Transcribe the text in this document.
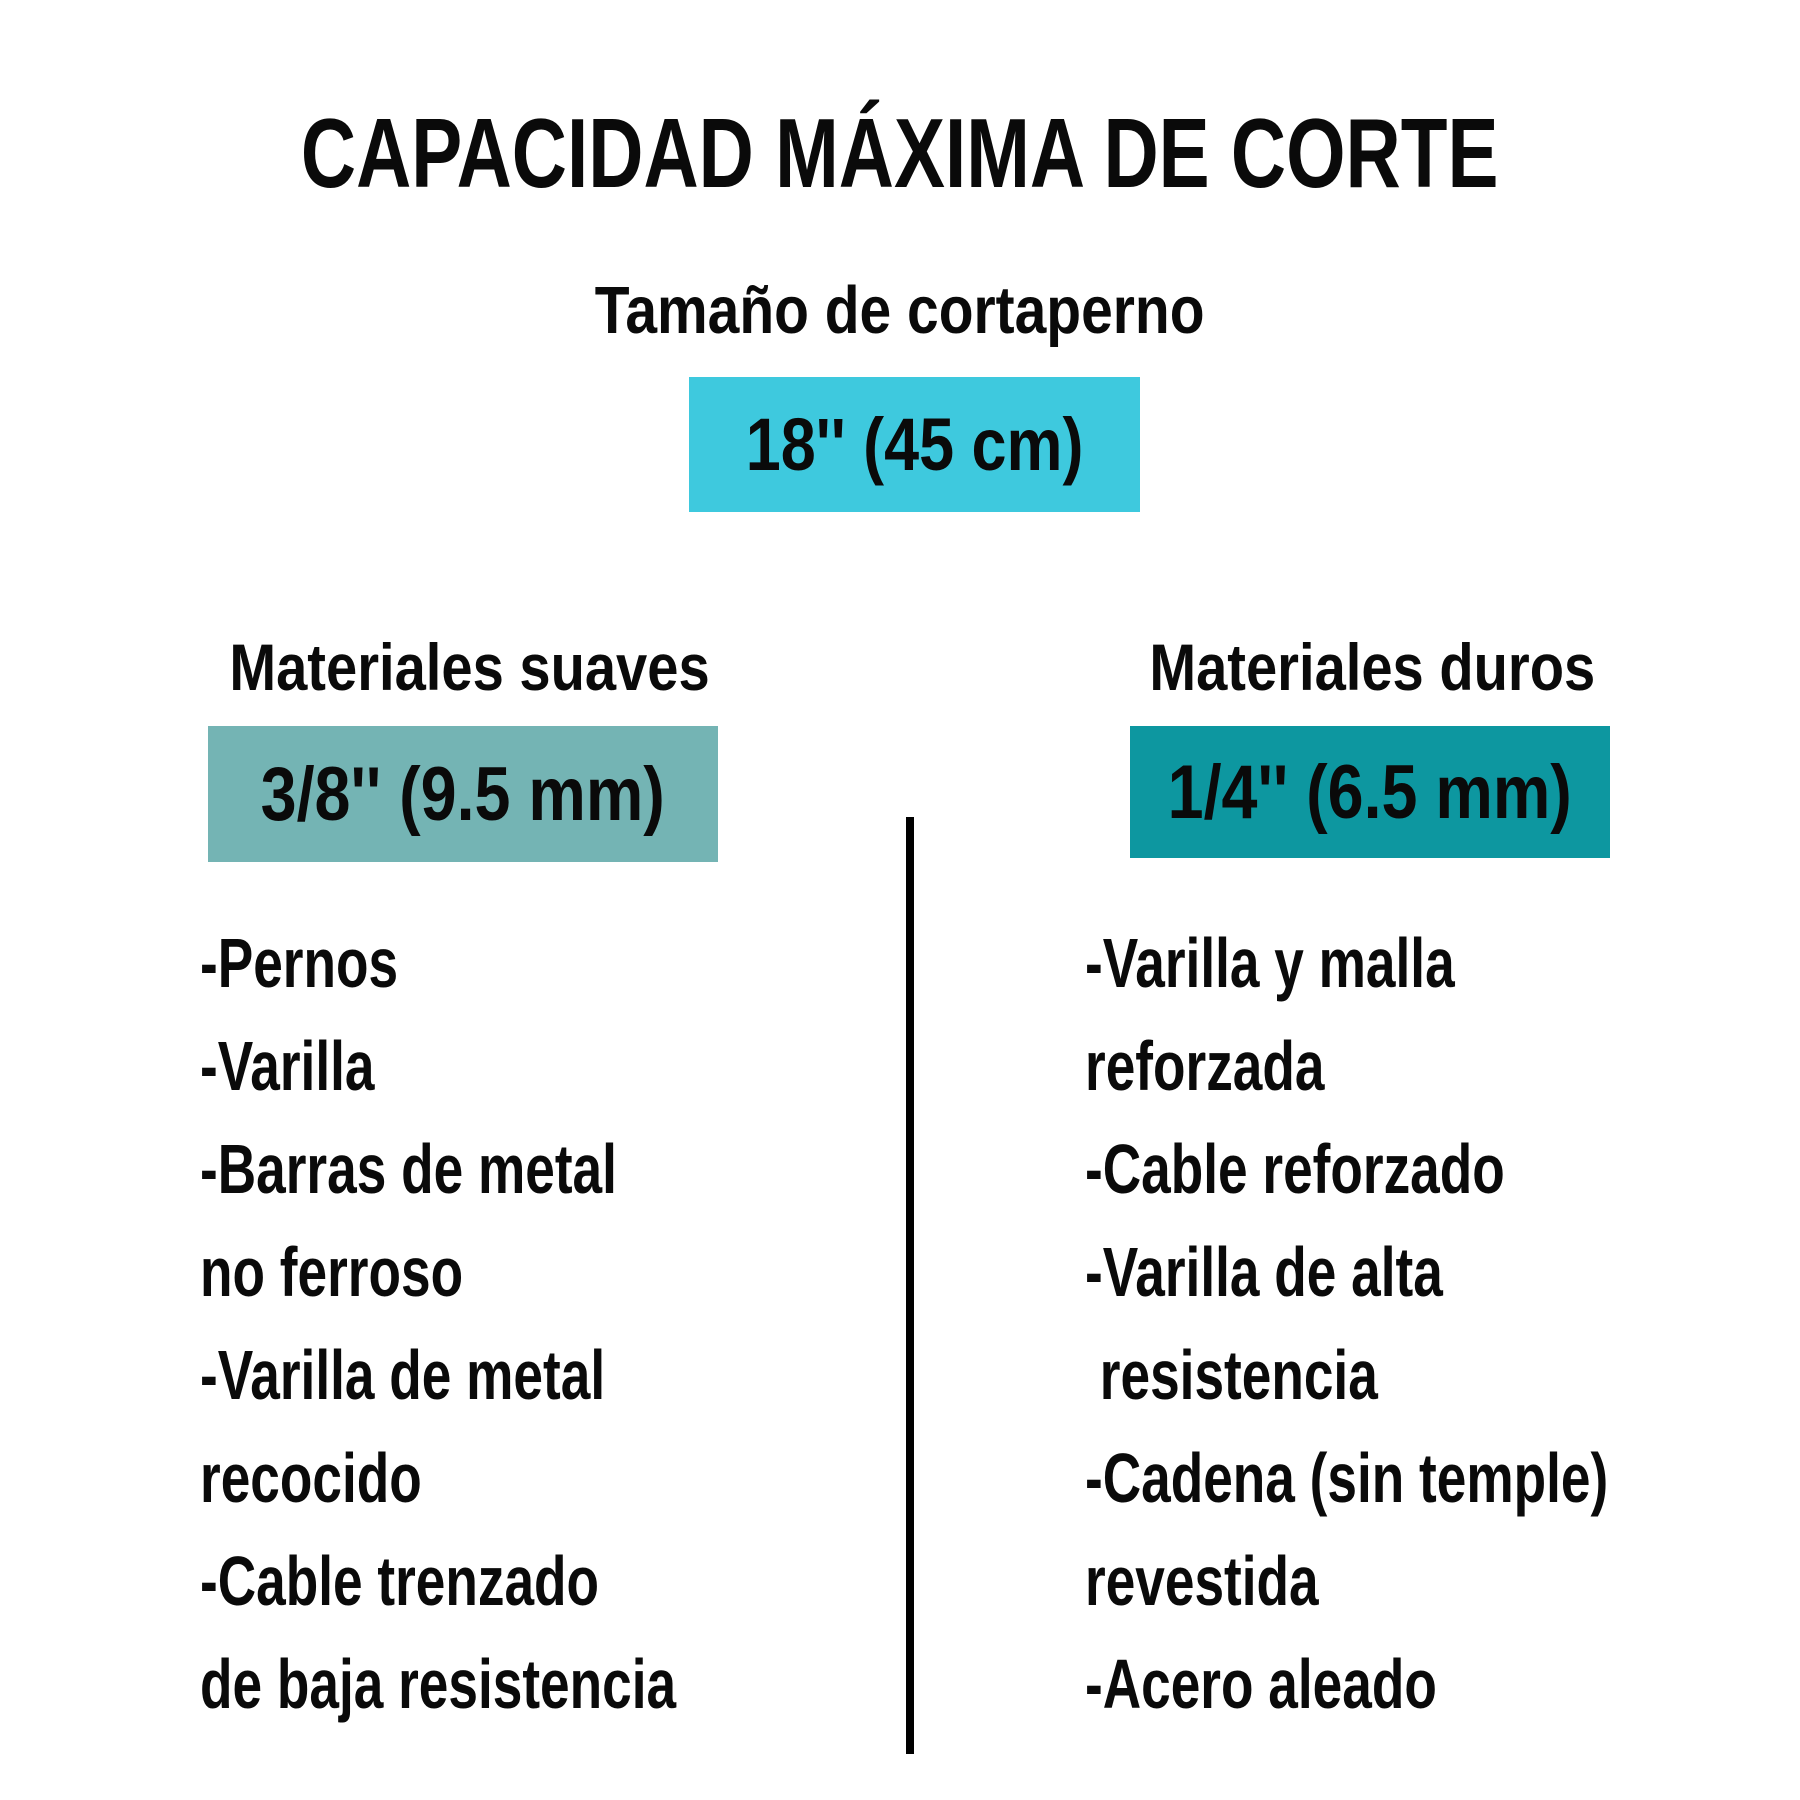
CAPACIDAD MÁXIMA DE CORTE
Tamaño de cortaperno
18'' (45 cm)
Materiales suaves	Materiales duros
3/8'' (9.5 mm)	1/4'' (6.5 mm)
-Pernos
-Varilla
-Barras de metal
no ferroso
-Varilla de metal
recocido
-Cable trenzado
de baja resistencia
-Varilla y malla
reforzada
-Cable reforzado
-Varilla de alta
resistencia
-Cadena (sin temple)
revestida
-Acero aleado
